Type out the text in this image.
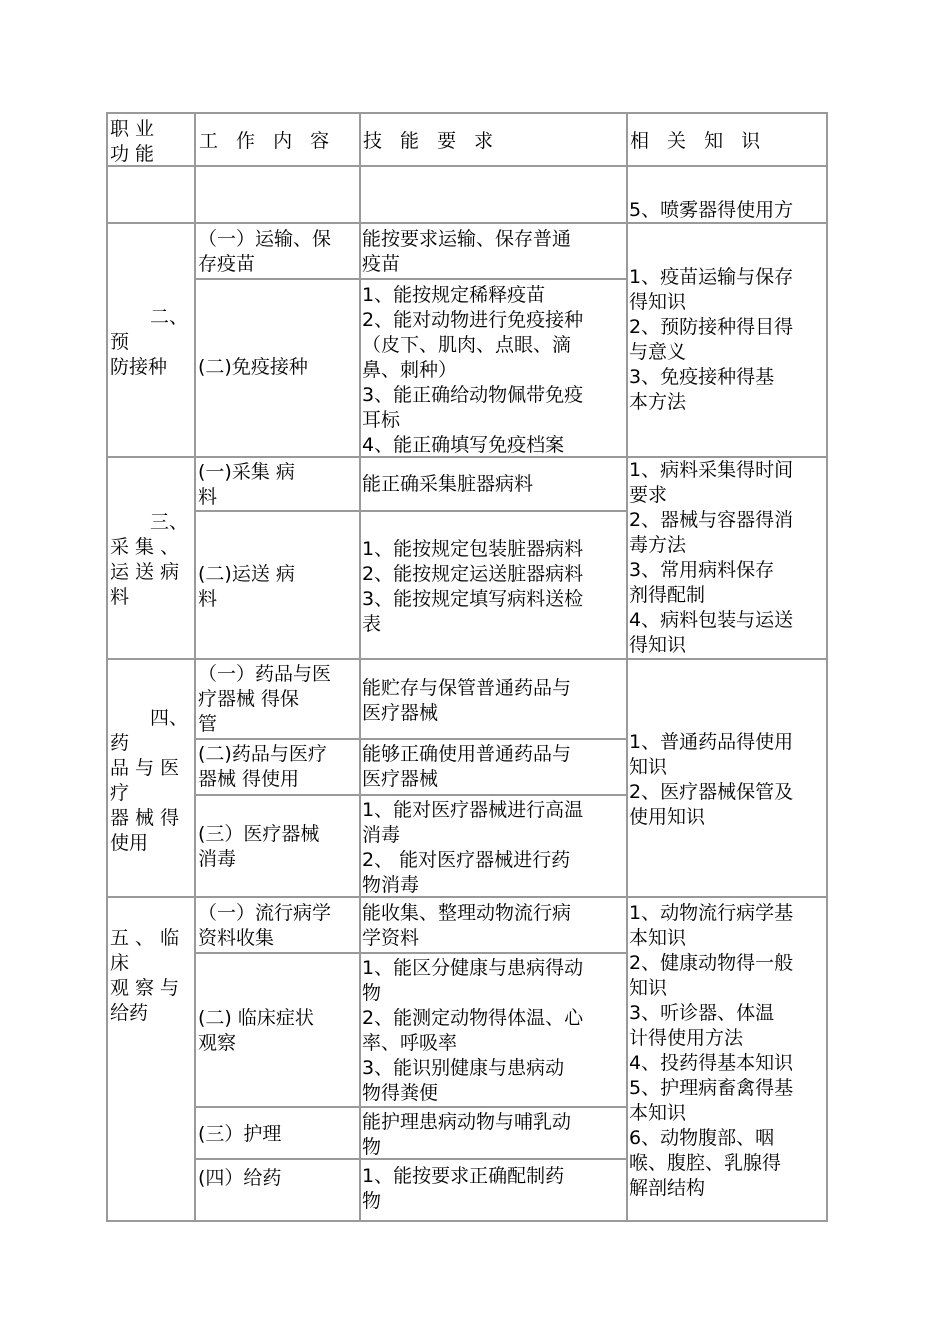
职 业
功 能
工 作 内 容 技 能 要 求	相 关 知 识
5、喷雾器得使用方
二、
预
防接种
（一）运输、保
存疫苗
能按要求运输、保存普通
疫苗
(二)免疫接种
1、能按规定稀释疫苗
2、能对动物进行免疫接种
（皮下、肌肉、点眼、滴
鼻、刺种）
3、能正确给动物佩带免疫
耳标
4、能正确填写免疫档案
1、疫苗运输与保存
得知识
2、预防接种得目得
与意义
3、免疫接种得基
本方法
三、
采 集 、
运 送 病
料
(一)采集 病
料
能正确采集脏器病料
(二)运送 病
料
1、能按规定包装脏器病料
2、能按规定运送脏器病料
3、能按规定填写病料送检
表
1、病料采集得时间
要求
2、器械与容器得消
毒方法
3、常用病料保存
剂得配制
4、病料包装与运送
得知识
四、
药
品 与 医
疗
器 械 得
使用
（一）药品与医
疗器械 得保
管
能贮存与保管普通药品与
医疗器械
(二)药品与医疗
器械 得使用
能够正确使用普通药品与
医疗器械
(三）医疗器械
消毒
1、能对医疗器械进行高温
消毒
2、 能对医疗器械进行药
物消毒
1、普通药品得使用
知识
2、医疗器械保管及
使用知识
五 、 临
床
观 察 与
给药
（一）流行病学
资料收集
能收集、整理动物流行病
学资料
(二) 临床症状
观察
1、能区分健康与患病得动
物
2、能测定动物得体温、心
率、呼吸率
3、能识别健康与患病动
物得粪便
(三）护理
能护理患病动物与哺乳动
物
(四）给药	1、能按要求正确配制药
物
1、动物流行病学基
本知识
2、健康动物得一般
知识
3、听诊器、体温
计得使用方法
4、投药得基本知识
5、护理病畜禽得基
本知识
6、动物腹部、咽
喉、腹腔、乳腺得
解剖结构
